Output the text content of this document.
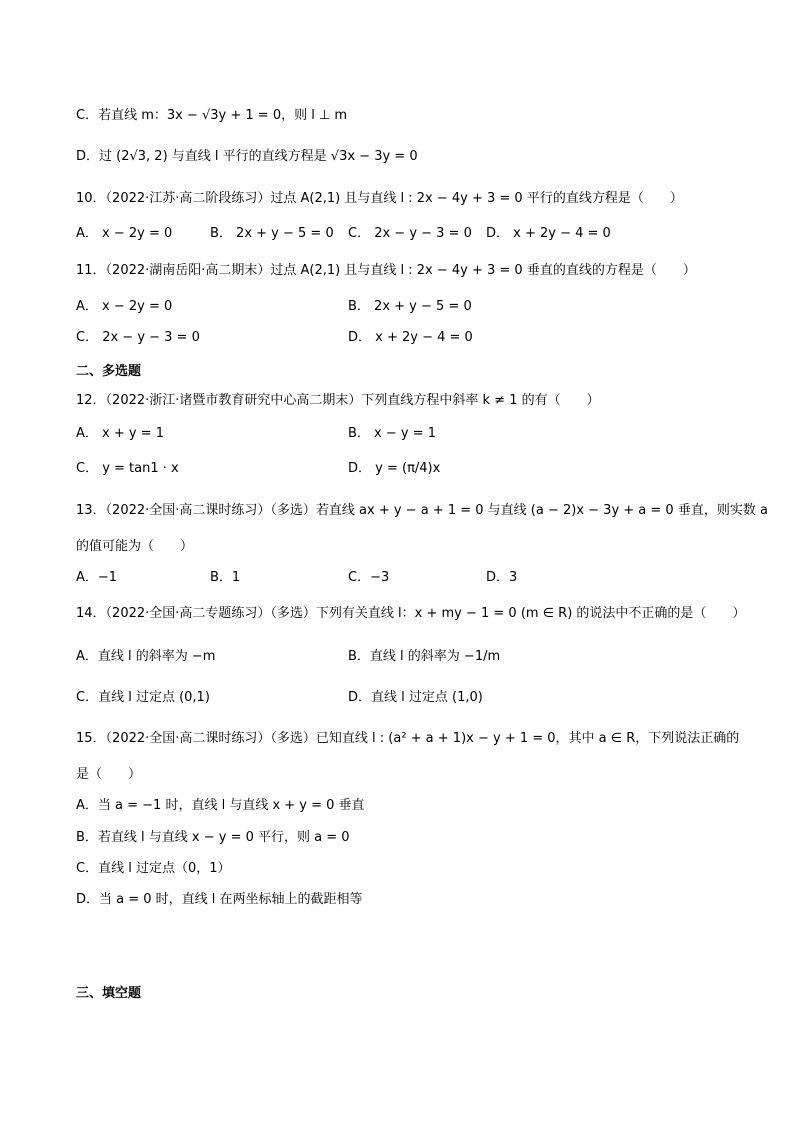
C．若直线 m：3x − √3y + 1 = 0，则 l ⊥ m
D．过 (2√3, 2) 与直线 l 平行的直线方程是 √3x − 3y = 0
10．（2022·江苏·高二阶段练习）过点 A(2,1) 且与直线 l : 2x − 4y + 3 = 0 平行的直线方程是（　　）
A． x − 2y = 0	B． 2x + y − 5 = 0 C． 2x − y − 3 = 0 D． x + 2y − 4 = 0
11．（2022·湖南岳阳·高二期末）过点 A(2,1) 且与直线 l : 2x − 4y + 3 = 0 垂直的直线的方程是（　　）
A． x − 2y = 0	B． 2x + y − 5 = 0
C． 2x − y − 3 = 0	D． x + 2y − 4 = 0
二、多选题
12．（2022·浙江·诸暨市教育研究中心高二期末）下列直线方程中斜率 k ≠ 1 的有（　　）
A． x + y = 1	B． x − y = 1
C． y = tan1 · x	D． y = (π/4)x
13．（2022·全国·高二课时练习）（多选）若直线 ax + y − a + 1 = 0 与直线 (a − 2)x − 3y + a = 0 垂直，则实数 a
的值可能为（　　）
A．−1	B．1	C．−3	D．3
14．（2022·全国·高二专题练习）（多选）下列有关直线 l：x + my − 1 = 0 (m ∈ R) 的说法中不正确的是（　　）
A．直线 l 的斜率为 −m	B．直线 l 的斜率为 −1/m
C．直线 l 过定点 (0,1)	D．直线 l 过定点 (1,0)
15．（2022·全国·高二课时练习）（多选）已知直线 l : (a² + a + 1)x − y + 1 = 0，其中 a ∈ R，下列说法正确的
是（　　）
A．当 a = −1 时，直线 l 与直线 x + y = 0 垂直
B．若直线 l 与直线 x − y = 0 平行，则 a = 0
C．直线 l 过定点（0，1）
D．当 a = 0 时，直线 l 在两坐标轴上的截距相等
三、填空题
